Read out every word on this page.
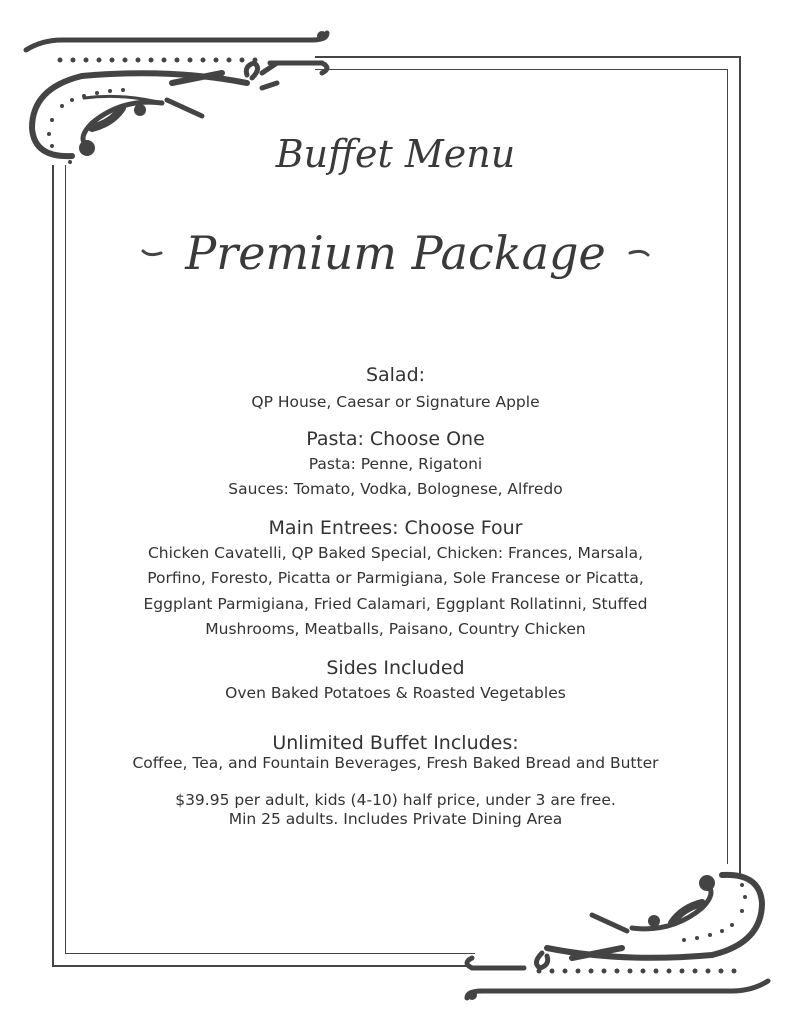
Buffet Menu
Premium Package

Salad:

QP House, Caesar or Signature Apple

Pasta: Choose One

Pasta: Penne, Rigatoni

Sauces: Tomato, Vodka, Bolognese, Alfredo

Main Entrees: Choose Four

Chicken Cavatelli, QP Baked Special, Chicken: Frances, Marsala,

Porfino, Foresto, Picatta or Parmigiana, Sole Francese or Picatta,

Eggplant Parmigiana, Fried Calamari, Eggplant Rollatinni, Stuffed

Mushrooms, Meatballs, Paisano, Country Chicken

Sides Included

Oven Baked Potatoes & Roasted Vegetables

Unlimited Buffet Includes:

Coffee, Tea, and Fountain Beverages, Fresh Baked Bread and Butter

$39.95 per adult, kids (4-10) half price, under 3 are free.

Min 25 adults. Includes Private Dining Area
